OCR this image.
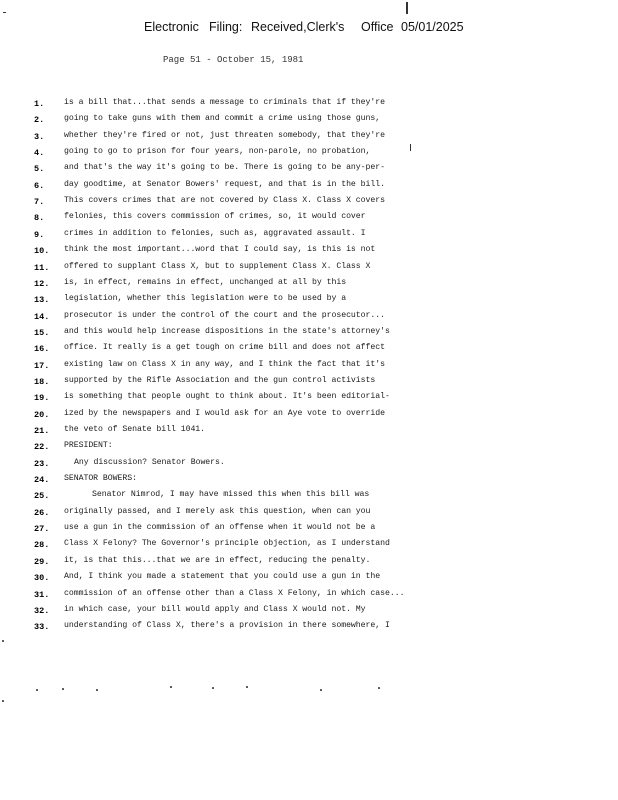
Electronic Filing: Received,Clerk's Office 05/01/2025
Page 51 - October 15, 1981
1.	is a bill that...that sends a message to criminals that if they're
2.	going to take guns with them and commit a crime using those guns,
3.	whether they're fired or not, just threaten somebody, that they're
4.	going to go to prison for four years, non-parole, no probation,
5.	and that's the way it's going to be. There is going to be any-per-
6.	day goodtime, at Senator Bowers' request, and that is in the bill.
7.	This covers crimes that are not covered by Class X. Class X covers
8.	felonies, this covers commission of crimes, so, it would cover
9.	crimes in addition to felonies, such as, aggravated assault. I
10. think the most important...word that I could say, is this is not
11. offered to supplant Class X, but to supplement Class X. Class X
12. is, in effect, remains in effect, unchanged at all by this
13. legislation, whether this legislation were to be used by a
14. prosecutor is under the control of the court and the prosecutor...
15. and this would help increase dispositions in the state's attorney's
16. office. It really is a get tough on crime bill and does not affect
17. existing law on Class X in any way, and I think the fact that it's
18. supported by the Rifle Association and the gun control activists
19. is something that people ought to think about. It's been editorial-
20. ized by the newspapers and I would ask for an Aye vote to override
21. the veto of Senate bill 1041.
22. PRESIDENT:
23.	Any discussion? Senator Bowers.
24. SENATOR BOWERS:
25.	Senator Nimrod, I may have missed this when this bill was
26. originally passed, and I merely ask this question, when can you
27. use a gun in the commission of an offense when it would not be a
28. Class X Felony? The Governor's principle objection, as I understand
29. it, is that this...that we are in effect, reducing the penalty.
30. And, I think you made a statement that you could use a gun in the
31. commission of an offense other than a Class X Felony, in which case...
32. in which case, your bill would apply and Class X would not. My
33. understanding of Class X, there's a provision in there somewhere, I
